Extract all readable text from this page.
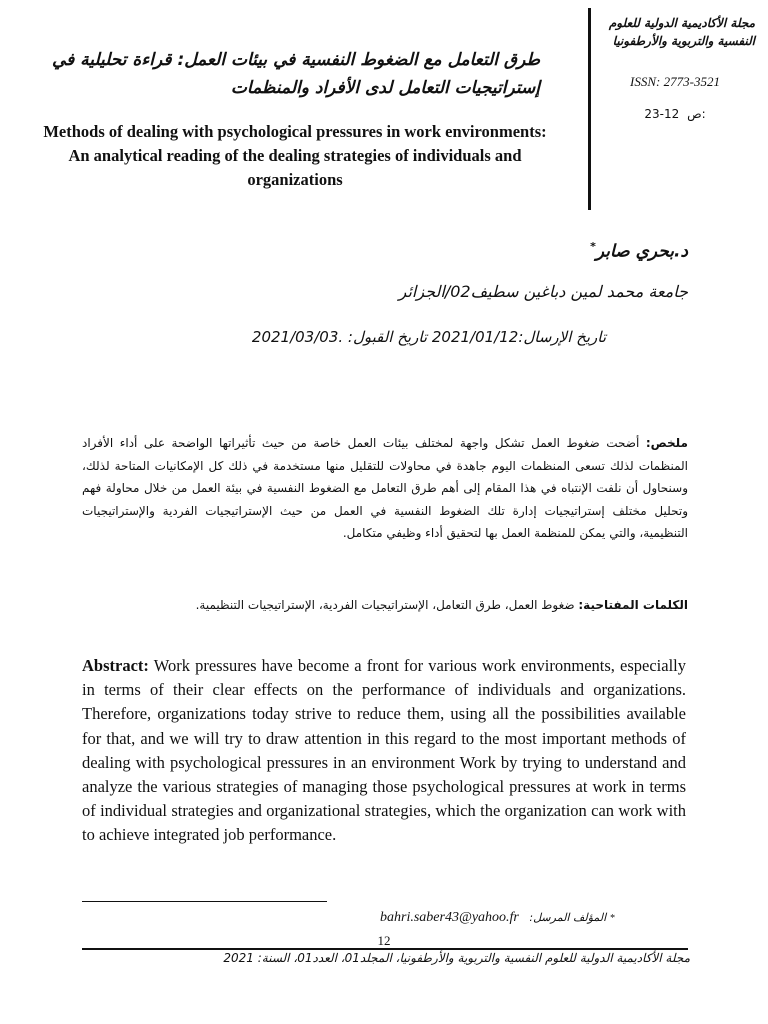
مجلة الأكاديمية الدولية للعلوم النفسية والتربوية والأرطفونيا
ISSN: 2773-3521
23-12 ص:
طرق التعامل مع الضغوط النفسية في بيئات العمل: قراءة تحليلية في إستراتيجيات التعامل لدى الأفراد والمنظمات
Methods of dealing with psychological pressures in work environments: An analytical reading of the dealing strategies of individuals and organizations
د.بحري صابر*
جامعة محمد لمين دباغين سطيف02/الجزائر
تاريخ الإرسال:2021/01/12 تاريخ القبول: .2021/03/03
ملخص: أضحت ضغوط العمل تشكل واجهة لمختلف بيئات العمل خاصة من حيث تأثيراتها الواضحة على أداء الأفراد المنظمات لذلك تسعى المنظمات اليوم جاهدة في محاولات للتقليل منها مستخدمة في ذلك كل الإمكانيات المتاحة لذلك، وسنحاول أن نلفت الإنتباه في هذا المقام إلى أهم طرق التعامل مع الضغوط النفسية في بيئة العمل من خلال محاولة فهم وتحليل مختلف إستراتيجيات إدارة تلك الضغوط النفسية في العمل من حيث الإستراتيجيات الفردية والإستراتيجيات التنظيمية، والتي يمكن للمنظمة العمل بها لتحقيق أداء وظيفي متكامل.
الكلمات المفتاحية: ضغوط العمل، طرق التعامل، الإستراتيجيات الفردية، الإستراتيجيات التنظيمية.
Abstract: Work pressures have become a front for various work environments, especially in terms of their clear effects on the performance of individuals and organizations. Therefore, organizations today strive to reduce them, using all the possibilities available for that, and we will try to draw attention in this regard to the most important methods of dealing with psychological pressures in an environment Work by trying to understand and analyze the various strategies of managing those psychological pressures at work in terms of individual strategies and organizational strategies, which the organization can work with to achieve integrated job performance.
bahri.saber43@yahoo.fr المؤلف المرسل: *
12
مجلة الأكاديمية الدولية للعلوم النفسية والتربوية والأرطفونيا، المجلد01، العدد01، السنة: 2021
